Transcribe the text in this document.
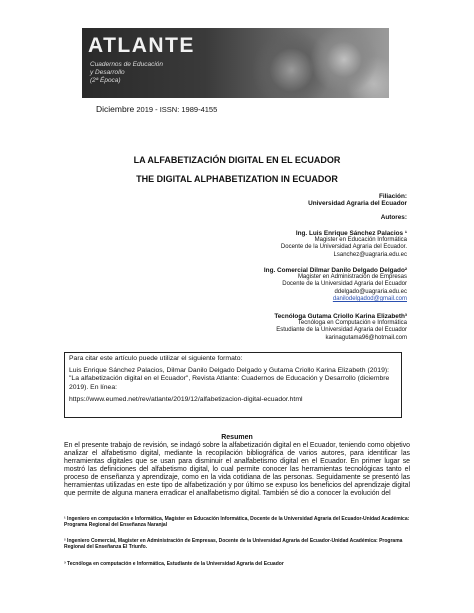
ATLANTE
Cuadernos de Educación
y Desarrollo
(2ª Época)
Diciembre 2019 - ISSN: 1989-4155
LA ALFABETIZACIÓN DIGITAL EN EL ECUADOR
THE DIGITAL ALPHABETIZATION IN ECUADOR
Filiación:
Universidad Agraria del Ecuador
Autores:
Ing. Luis Enrique Sánchez Palacios ¹
Magister en Educación Informática
Docente de la Universidad Agraria del Ecuador.
Lsanchez@uagraria.edu.ec
Ing. Comercial Dilmar Danilo Delgado Delgado²
Magister en Administración de Empresas
Docente de la Universidad Agraria del Ecuador
ddelgado@uagraria.edu.ec
danilodelgadod@gmail.com
Tecnóloga Gutama Criollo Karina Elizabeth³
Tecnóloga en Computación e Informática
Estudiante de la Universidad Agraria del Ecuador
karinagutama96@hotmail.com

Para citar este artículo puede utilizar el siguiente formato:

Luis Enrique Sánchez Palacios, Dilmar Danilo Delgado Delgado y Gutama Criollo Karina Elizabeth (2019): "La alfabetización digital en el Ecuador", Revista Atlante: Cuadernos de Educación y Desarrollo (diciembre 2019). En línea:

https://www.eumed.net/rev/atlante/2019/12/alfabetizacion-digital-ecuador.html

Resumen
En el presente trabajo de revisión, se indagó sobre la alfabetización digital en el Ecuador, teniendo como objetivo analizar el alfabetismo digital, mediante la recopilación bibliográfica de varios autores, para identificar las herramientas digitales que se usan para disminuir el analfabetismo digital en el Ecuador. En primer lugar se mostró las definiciones del alfabetismo digital, lo cual permite conocer las herramientas tecnológicas tanto el proceso de enseñanza y aprendizaje, como en la vida cotidiana de las personas. Seguidamente se presentó las herramientas utilizadas en este tipo de alfabetización y por último se expuso los beneficios del aprendizaje digital que permite de alguna manera erradicar el analfabetismo digital. También sé dio a conocer la evolución del
¹ Ingeniero en computación e Informática, Magister en Educación Informática, Docente de la Universidad Agraria del Ecuador-Unidad Académica: Programa Regional del Enseñanza Naranjal
² Ingeniero Comercial, Magister en Administración de Empresas, Docente de la Universidad Agraria del Ecuador-Unidad Académica: Programa Regional del Enseñanza El Triunfo.
³ Tecnóloga en computación e Informática, Estudiante de la Universidad Agraria del Ecuador
